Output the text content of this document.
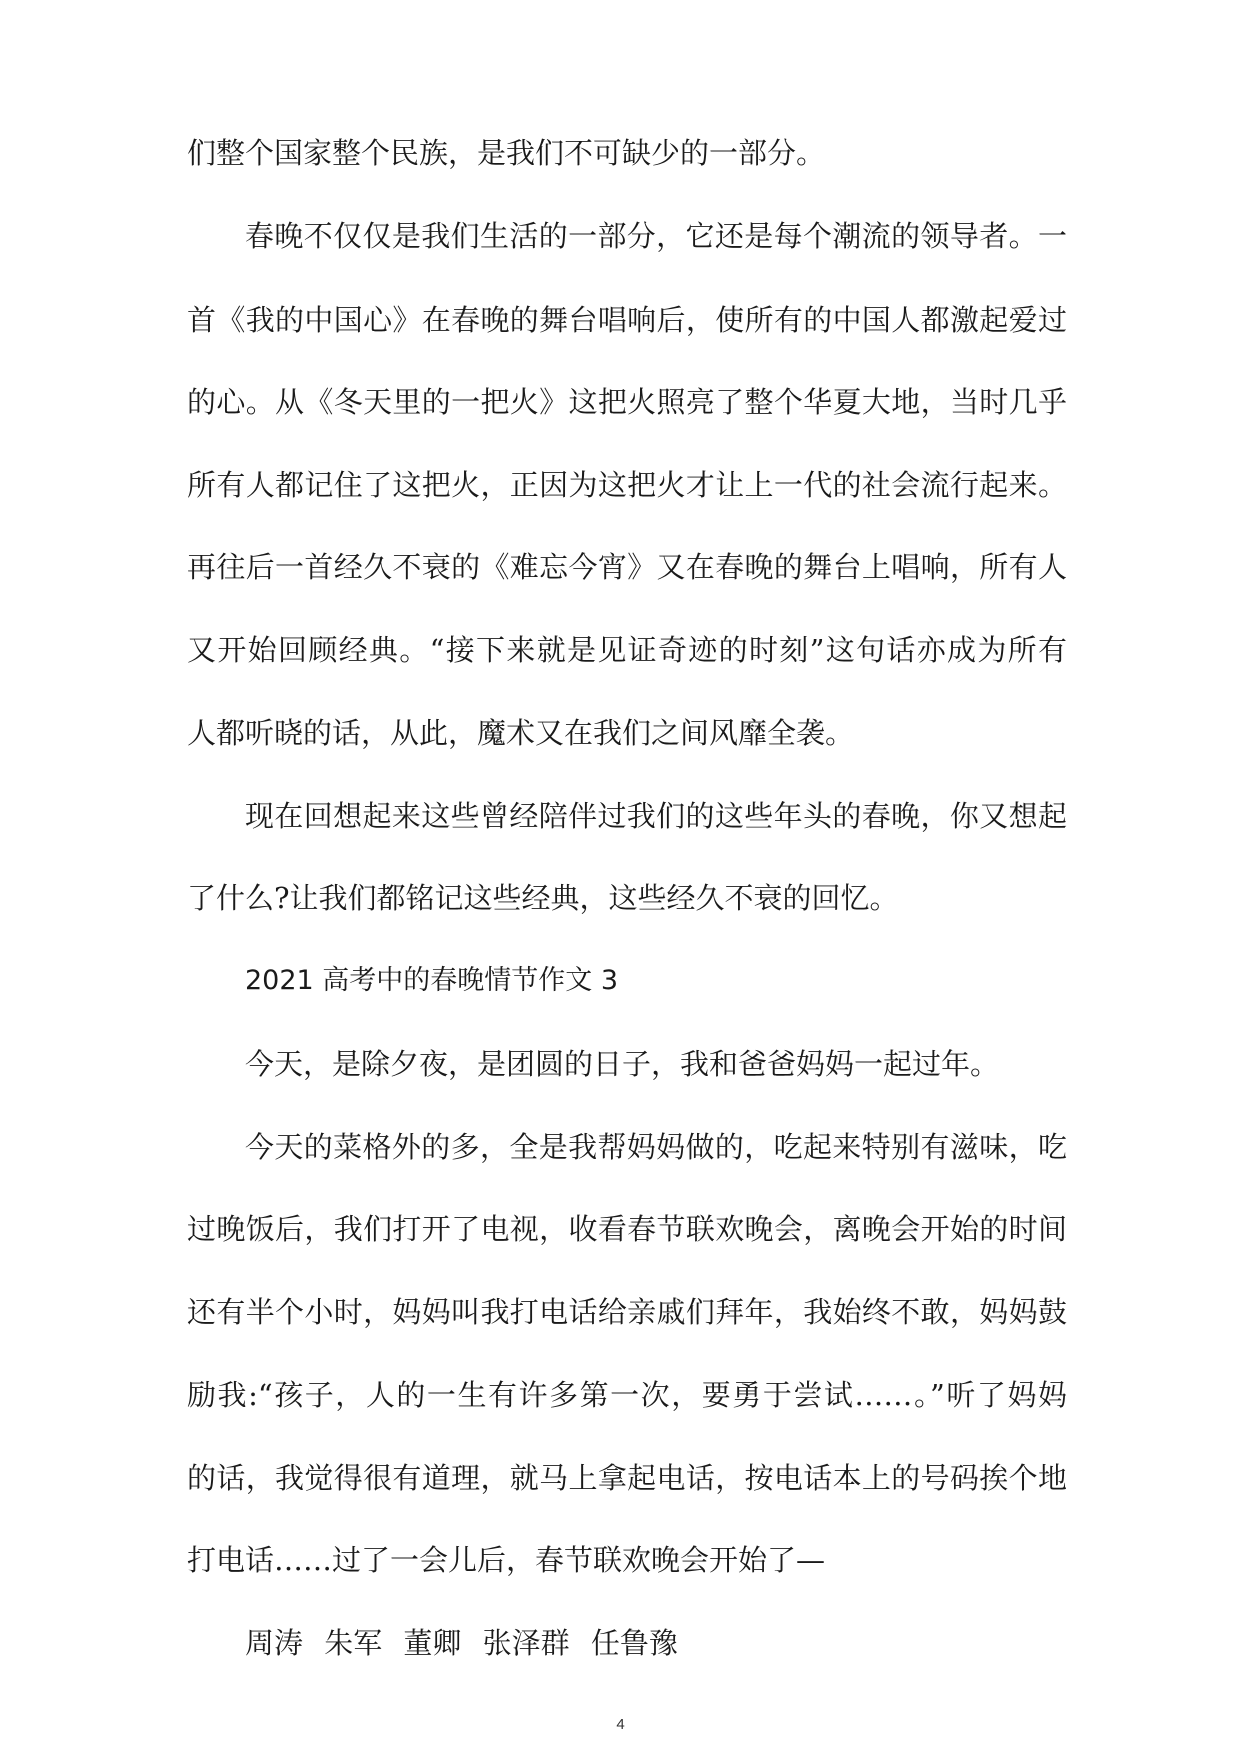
们整个国家整个民族，是我们不可缺少的一部分。

春晚不仅仅是我们生活的一部分，它还是每个潮流的领导者。一

首《我的中国心》在春晚的舞台唱响后，使所有的中国人都激起爱过

的心。从《冬天里的一把火》这把火照亮了整个华夏大地，当时几乎

所有人都记住了这把火，正因为这把火才让上一代的社会流行起来。

再往后一首经久不衰的《难忘今宵》又在春晚的舞台上唱响，所有人

又开始回顾经典。“接下来就是见证奇迹的时刻”这句话亦成为所有

人都听晓的话，从此，魔术又在我们之间风靡全袭。

现在回想起来这些曾经陪伴过我们的这些年头的春晚，你又想起

了什么?让我们都铭记这些经典，这些经久不衰的回忆。

2021 高考中的春晚情节作文 3

今天，是除夕夜，是团圆的日子，我和爸爸妈妈一起过年。

今天的菜格外的多，全是我帮妈妈做的，吃起来特别有滋味，吃

过晚饭后，我们打开了电视，收看春节联欢晚会，离晚会开始的时间

还有半个小时，妈妈叫我打电话给亲戚们拜年，我始终不敢，妈妈鼓

励我:“孩子，人的一生有许多第一次，要勇于尝试……。”听了妈妈

的话，我觉得很有道理，就马上拿起电话，按电话本上的号码挨个地

打电话……过了一会儿后，春节联欢晚会开始了—

4

周涛 朱军 董卿 张泽群 任鲁豫
